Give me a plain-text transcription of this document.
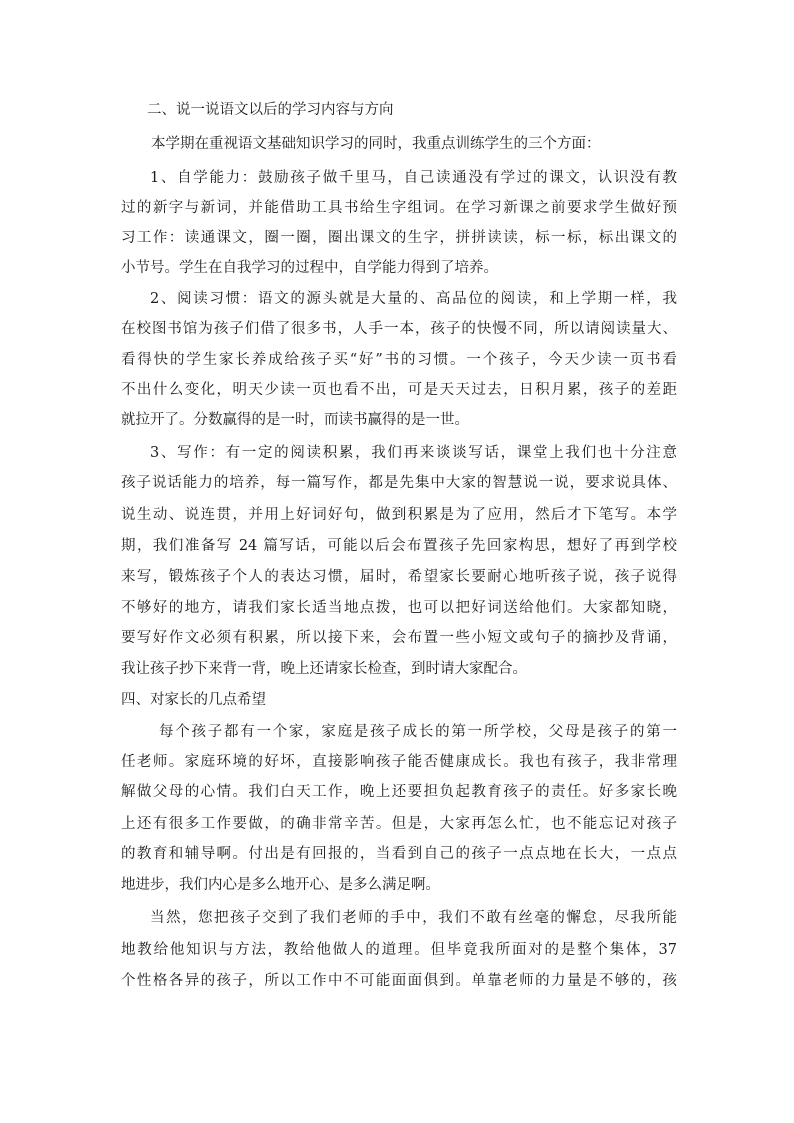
二、说一说语文以后的学习内容与方向
本学期在重视语文基础知识学习的同时，我重点训练学生的三个方面：
1、自学能力：鼓励孩子做千里马，自己读通没有学过的课文，认识没有教
过的新字与新词，并能借助工具书给生字组词。在学习新课之前要求学生做好预
习工作：读通课文，圈一圈，圈出课文的生字，拼拼读读，标一标，标出课文的
小节号。学生在自我学习的过程中，自学能力得到了培养。
2、阅读习惯：语文的源头就是大量的、高品位的阅读，和上学期一样，我
在校图书馆为孩子们借了很多书，人手一本，孩子的快慢不同，所以请阅读量大、
看得快的学生家长养成给孩子买“好”书的习惯。一个孩子，今天少读一页书看
不出什么变化，明天少读一页也看不出，可是天天过去，日积月累，孩子的差距
就拉开了。分数赢得的是一时，而读书赢得的是一世。
3、写作：有一定的阅读积累，我们再来谈谈写话，课堂上我们也十分注意
孩子说话能力的培养，每一篇写作，都是先集中大家的智慧说一说，要求说具体、
说生动、说连贯，并用上好词好句，做到积累是为了应用，然后才下笔写。本学
期，我们准备写 24 篇写话，可能以后会布置孩子先回家构思，想好了再到学校
来写，锻炼孩子个人的表达习惯，届时，希望家长要耐心地听孩子说，孩子说得
不够好的地方，请我们家长适当地点拨，也可以把好词送给他们。大家都知晓，
要写好作文必须有积累，所以接下来，会布置一些小短文或句子的摘抄及背诵，
我让孩子抄下来背一背，晚上还请家长检查，到时请大家配合。
四、对家长的几点希望
每个孩子都有一个家，家庭是孩子成长的第一所学校，父母是孩子的第一
任老师。家庭环境的好坏，直接影响孩子能否健康成长。我也有孩子，我非常理
解做父母的心情。我们白天工作，晚上还要担负起教育孩子的责任。好多家长晚
上还有很多工作要做，的确非常辛苦。但是，大家再怎么忙，也不能忘记对孩子
的教育和辅导啊。付出是有回报的，当看到自己的孩子一点点地在长大，一点点
地进步，我们内心是多么地开心、是多么满足啊。
当然，您把孩子交到了我们老师的手中，我们不敢有丝毫的懈怠，尽我所能
地教给他知识与方法，教给他做人的道理。但毕竟我所面对的是整个集体，37
个性格各异的孩子，所以工作中不可能面面俱到。单靠老师的力量是不够的，孩
